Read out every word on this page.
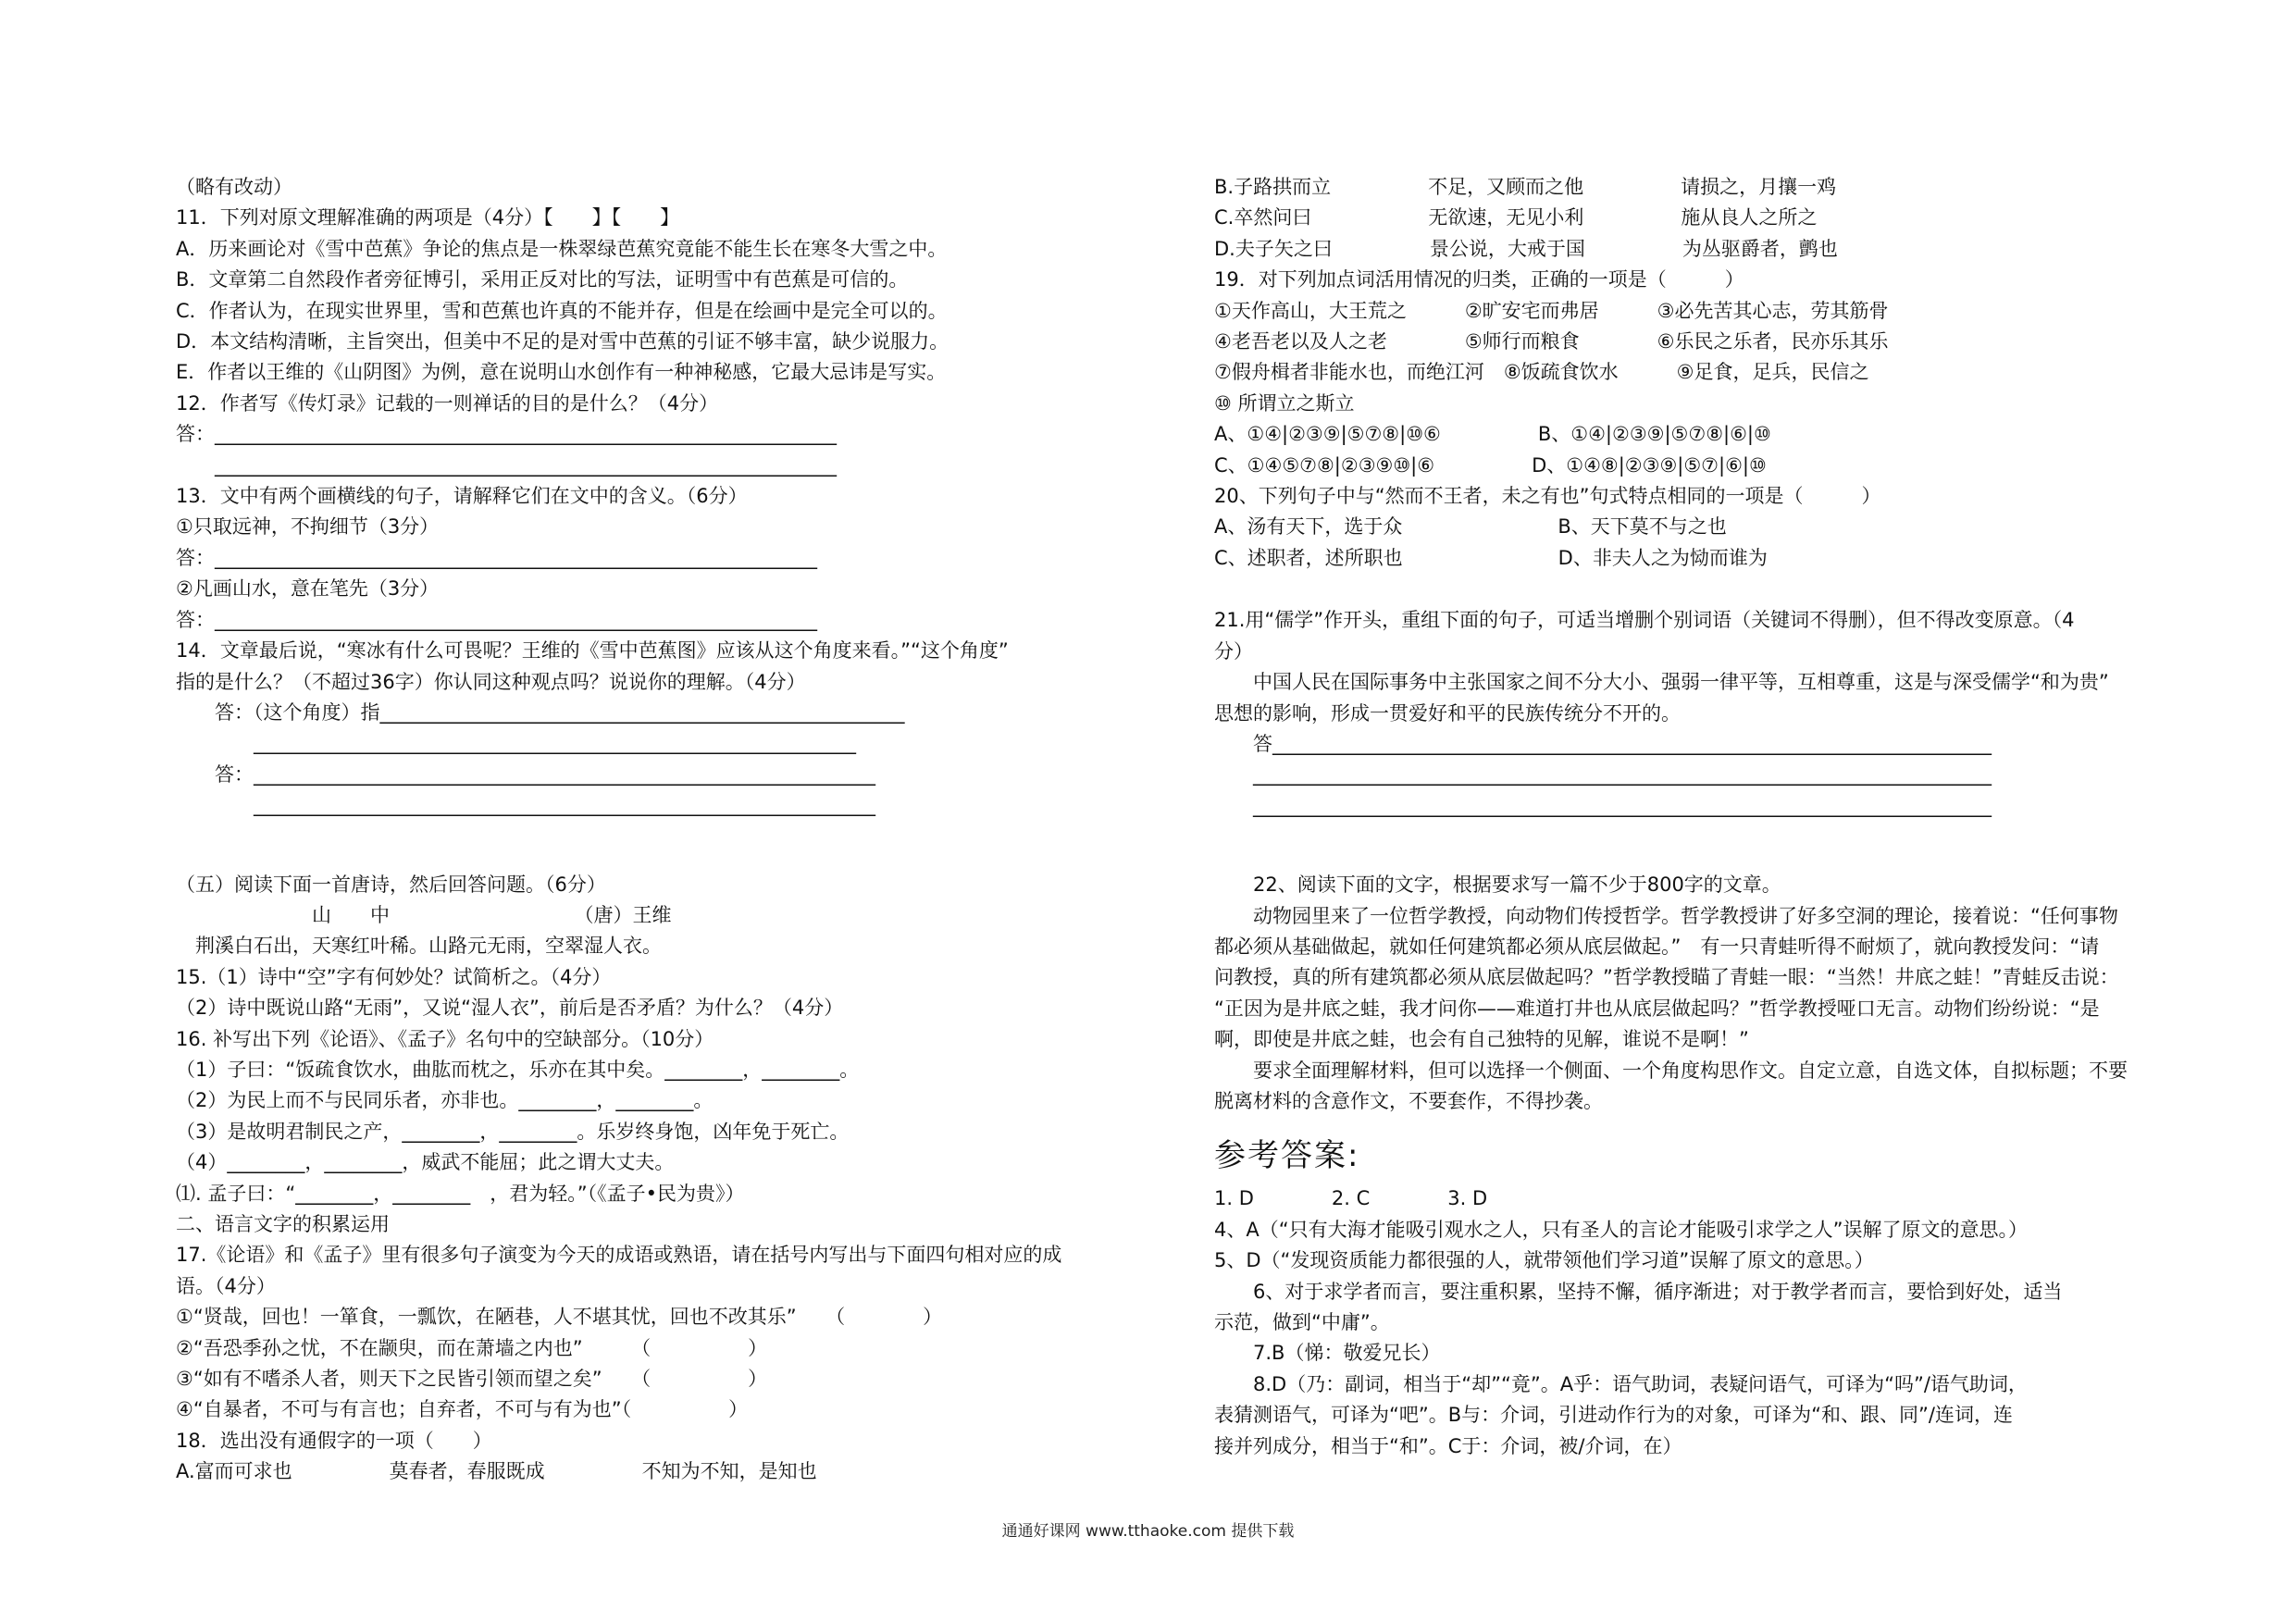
（略有改动）
11．下列对原文理解准确的两项是（4分）【　　】【　　】
A．历来画论对《雪中芭蕉》争论的焦点是一株翠绿芭蕉究竟能不能生长在寒冬大雪之中。
B．文章第二自然段作者旁征博引，采用正反对比的写法，证明雪中有芭蕉是可信的。
C．作者认为，在现实世界里，雪和芭蕉也许真的不能并存，但是在绘画中是完全可以的。
D．本文结构清晰，主旨突出，但美中不足的是对雪中芭蕉的引证不够丰富，缺少说服力。
E．作者以王维的《山阴图》为例，意在说明山水创作有一种神秘感，它最大忌讳是写实。
12．作者写《传灯录》记载的一则禅话的目的是什么？（4分）
答：________________________________________________________________
　　________________________________________________________________
13．文中有两个画横线的句子，请解释它们在文中的含义。（6分）
①只取远神，不拘细节（3分）
答：______________________________________________________________
②凡画山水，意在笔先（3分）
答：______________________________________________________________
14．文章最后说，“寒冰有什么可畏呢？王维的《雪中芭蕉图》应该从这个角度来看。”“这个角度”
指的是什么？（不超过36字）你认同这种观点吗？说说你的理解。（4分）
　　答：（这个角度）指______________________________________________________
　　　　______________________________________________________________
　　答：________________________________________________________________
　　　　________________________________________________________________
（五）阅读下面一首唐诗，然后回答问题。（6分）
　　　　　　　山　　中　　　　　　　　　　（唐）王维
　荆溪白石出，天寒红叶稀。山路元无雨，空翠湿人衣。
15.（1）诗中“空”字有何妙处？试简析之。（4分）
（2）诗中既说山路“无雨”，又说“湿人衣”，前后是否矛盾？为什么？（4分）
16. 补写出下列《论语》、《孟子》名句中的空缺部分。（10分）
（1）子曰：“饭疏食饮水，曲肱而枕之，乐亦在其中矣。________，________。
（2）为民上而不与民同乐者，亦非也。________，________。
（3）是故明君制民之产，________，________。乐岁终身饱，凶年免于死亡。
（4）________，________，威武不能屈；此之谓大丈夫。
⑴. 孟子曰：“________，________　，君为轻。”（《孟子•民为贵》）
二、语言文字的积累运用
17.《论语》和《孟子》里有很多句子演变为今天的成语或熟语，请在括号内写出与下面四句相对应的成
语。（4分）
①“贤哉，回也！一箪食，一瓢饮，在陋巷，人不堪其忧，回也不改其乐”　　（　　　　）
②“吾恐季孙之忧，不在颛臾，而在萧墙之内也”　　　（　　　　　）
③“如有不嗜杀人者，则天下之民皆引领而望之矣”　　（　　　　　）
④“自暴者，不可与有言也；自弃者，不可与有为也”（　　　　　）
18．选出没有通假字的一项（　　）
A.富而可求也　　　　　莫春者，春服既成　　　　　不知为不知，是知也
B.子路拱而立　　　　　不足，又顾而之他　　　　　请损之，月攘一鸡
C.卒然问曰　　　　　　无欲速，无见小利　　　　　施从良人之所之
D.夫子矢之曰　　　　　景公说，大戒于国　　　　　为丛驱爵者，鹯也
19．对下列加点词活用情况的归类，正确的一项是（　　　）
①天作高山，大王荒之　　　②旷安宅而弗居　　　③必先苦其心志，劳其筋骨
④老吾老以及人之老　　　　⑤师行而粮食　　　　⑥乐民之乐者，民亦乐其乐
⑦假舟楫者非能水也，而绝江河　⑧饭疏食饮水　　　⑨足食，足兵，民信之
⑩ 所谓立之斯立
A、①④|②③⑨|⑤⑦⑧|⑩⑥　　　　　B、①④|②③⑨|⑤⑦⑧|⑥|⑩
C、①④⑤⑦⑧|②③⑨⑩|⑥　　　　　D、①④⑧|②③⑨|⑤⑦|⑥|⑩
20、下列句子中与“然而不王者，未之有也”句式特点相同的一项是（　　　）
A、汤有天下，选于众　　　　　　　　B、天下莫不与之也
C、述职者，述所职也　　　　　　　　D、非夫人之为恸而谁为
21.用“儒学”作开头，重组下面的句子，可适当增删个别词语（关键词不得删），但不得改变原意。（4
分）
　　中国人民在国际事务中主张国家之间不分大小、强弱一律平等，互相尊重，这是与深受儒学“和为贵”
思想的影响，形成一贯爱好和平的民族传统分不开的。
　　答__________________________________________________________________________
　　____________________________________________________________________________
　　____________________________________________________________________________
　　22、阅读下面的文字，根据要求写一篇不少于800字的文章。
　　动物园里来了一位哲学教授，向动物们传授哲学。哲学教授讲了好多空洞的理论，接着说：“任何事物
都必须从基础做起，就如任何建筑都必须从底层做起。”　有一只青蛙听得不耐烦了，就向教授发问：“请
问教授，真的所有建筑都必须从底层做起吗？”哲学教授瞄了青蛙一眼：“当然！井底之蛙！”青蛙反击说：
“正因为是井底之蛙，我才问你——难道打井也从底层做起吗？”哲学教授哑口无言。动物们纷纷说：“是
啊，即使是井底之蛙，也会有自己独特的见解，谁说不是啊！”
　　要求全面理解材料，但可以选择一个侧面、一个角度构思作文。自定立意，自选文体，自拟标题；不要
脱离材料的含意作文，不要套作，不得抄袭。
参考答案:
1. D　　　　2. C　　　　3. D
4、A（“只有大海才能吸引观水之人，只有圣人的言论才能吸引求学之人”误解了原文的意思。）
5、D（“发现资质能力都很强的人，就带领他们学习道”误解了原文的意思。）
　　6、对于求学者而言，要注重积累，坚持不懈，循序渐进；对于教学者而言，要恰到好处，适当
示范，做到“中庸”。
　　7.B（悌：敬爱兄长）
　　8.D（乃：副词，相当于“却”“竟”。A乎：语气助词，表疑问语气，可译为“吗”/语气助词，
表猜测语气，可译为“吧”。B与：介词，引进动作行为的对象，可译为“和、跟、同”/连词，连
接并列成分，相当于“和”。C于：介词，被/介词，在）
通通好课网 www.tthaoke.com 提供下载
